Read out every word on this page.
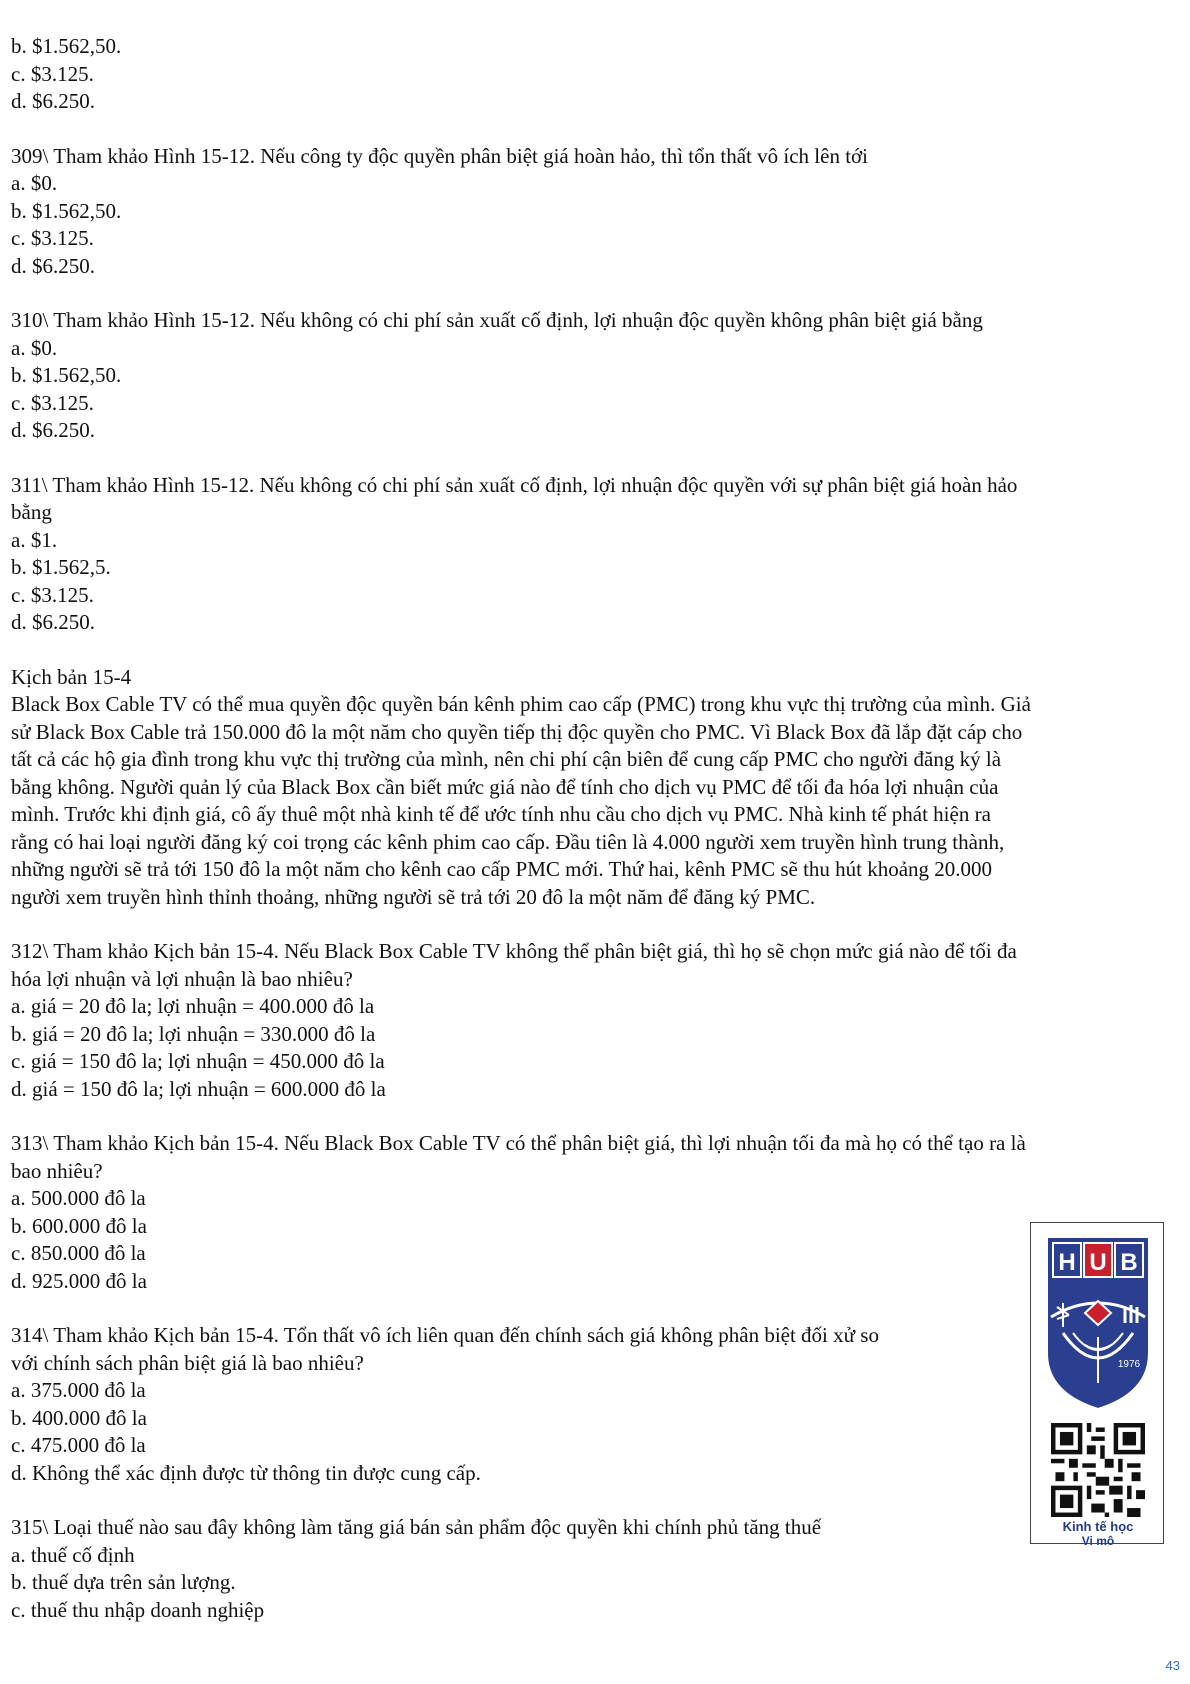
b. $1.562,50.
c. $3.125.
d. $6.250.
309\ Tham khảo Hình 15-12. Nếu công ty độc quyền phân biệt giá hoàn hảo, thì tổn thất vô ích lên tới
a. $0.
b. $1.562,50.
c. $3.125.
d. $6.250.
310\ Tham khảo Hình 15-12. Nếu không có chi phí sản xuất cố định, lợi nhuận độc quyền không phân biệt giá bằng
a. $0.
b. $1.562,50.
c. $3.125.
d. $6.250.
311\ Tham khảo Hình 15-12. Nếu không có chi phí sản xuất cố định, lợi nhuận độc quyền với sự phân biệt giá hoàn hảo
bằng
a. $1.
b. $1.562,5.
c. $3.125.
d. $6.250.
Kịch bản 15-4
Black Box Cable TV có thể mua quyền độc quyền bán kênh phim cao cấp (PMC) trong khu vực thị trường của mình. Giả
sử Black Box Cable trả 150.000 đô la một năm cho quyền tiếp thị độc quyền cho PMC. Vì Black Box đã lắp đặt cáp cho
tất cả các hộ gia đình trong khu vực thị trường của mình, nên chi phí cận biên để cung cấp PMC cho người đăng ký là
bằng không. Người quản lý của Black Box cần biết mức giá nào để tính cho dịch vụ PMC để tối đa hóa lợi nhuận của
mình. Trước khi định giá, cô ấy thuê một nhà kinh tế để ước tính nhu cầu cho dịch vụ PMC. Nhà kinh tế phát hiện ra
rằng có hai loại người đăng ký coi trọng các kênh phim cao cấp. Đầu tiên là 4.000 người xem truyền hình trung thành,
những người sẽ trả tới 150 đô la một năm cho kênh cao cấp PMC mới. Thứ hai, kênh PMC sẽ thu hút khoảng 20.000
người xem truyền hình thỉnh thoảng, những người sẽ trả tới 20 đô la một năm để đăng ký PMC.
312\ Tham khảo Kịch bản 15-4. Nếu Black Box Cable TV không thể phân biệt giá, thì họ sẽ chọn mức giá nào để tối đa
hóa lợi nhuận và lợi nhuận là bao nhiêu?
a. giá = 20 đô la; lợi nhuận = 400.000 đô la
b. giá = 20 đô la; lợi nhuận = 330.000 đô la
c. giá = 150 đô la; lợi nhuận = 450.000 đô la
d. giá = 150 đô la; lợi nhuận = 600.000 đô la
313\ Tham khảo Kịch bản 15-4. Nếu Black Box Cable TV có thể phân biệt giá, thì lợi nhuận tối đa mà họ có thể tạo ra là
bao nhiêu?
a. 500.000 đô la
b. 600.000 đô la
c. 850.000 đô la
d. 925.000 đô la
314\ Tham khảo Kịch bản 15-4. Tổn thất vô ích liên quan đến chính sách giá không phân biệt đối xử so
với chính sách phân biệt giá là bao nhiêu?
a. 375.000 đô la
b. 400.000 đô la
c. 475.000 đô la
d. Không thể xác định được từ thông tin được cung cấp.
315\ Loại thuế nào sau đây không làm tăng giá bán sản phẩm độc quyền khi chính phủ tăng thuế
a. thuế cố định
b. thuế dựa trên sản lượng.
c. thuế thu nhập doanh nghiệp
H U B
1976
Kinh tế học
Vi mô
43
